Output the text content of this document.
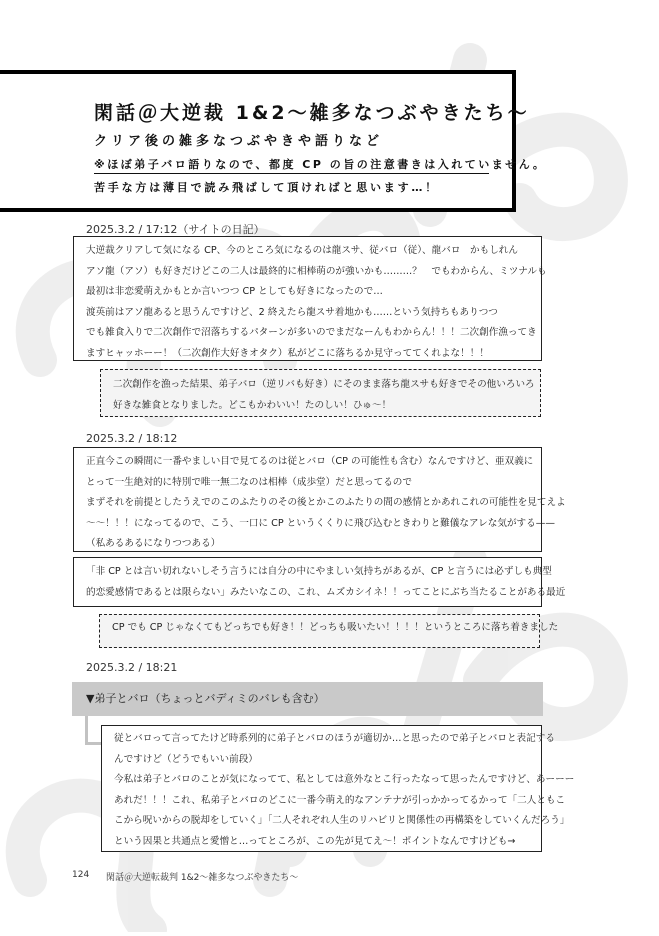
閑話＠大逆裁 1&2〜雑多なつぶやきたち〜
クリア後の雑多なつぶやきや語りなど
※ほぼ弟子バロ語りなので、都度 CP の旨の注意書きは入れていません。
苦手な方は薄目で読み飛ばして頂ければと思います…！
2025.3.2 / 17:12（サイトの日記）
大逆裁クリアして気になる CP、今のところ気になるのは龍スサ、従バロ（従）、龍バロ　かもしれん
アソ龍（アソ）も好きだけどこの二人は最終的に相棒萌のが強いかも………？　でもわからん、ミツナルも
最初は非恋愛萌えかもとか言いつつ CP としても好きになったので…
渡英前はアソ龍あると思うんですけど、2 終えたら龍スサ着地かも……という気持ちもありつつ
でも雑食入りで二次創作で沼落ちするパターンが多いのでまだなーんもわからん！！！二次創作漁ってき
ますヒャッホーー！（二次創作大好きオタク）私がどこに落ちるか見守っててくれよな！！！
二次創作を漁った結果、弟子バロ（逆リバも好き）にそのまま落ち龍スサも好きでその他いろいろ
好きな雑食となりました。どこもかわいい！たのしい！ひゅ〜！
2025.3.2 / 18:12
正直今この瞬間に一番やましい目で見てるのは従とバロ（CP の可能性も含む）なんですけど、亜双義に
とって一生絶対的に特別で唯一無二なのは相棒（成歩堂）だと思ってるので
まずそれを前提としたうえでのこのふたりのその後とかこのふたりの間の感情とかあれこれの可能性を見てえよ
〜〜！！！になってるので、こう、一口に CP というくくりに飛び込むときわりと難儀なアレな気がする——
（私あるあるになりつつある）
「非 CP とは言い切れないしそう言うには自分の中にやましい気持ちがあるが、CP と言うには必ずしも典型
的恋愛感情であるとは限らない」みたいなこの、これ、ムズカシイネ！！ってことにぶち当たることがある最近
CP でも CP じゃなくてもどっちでも好き！！どっちも吸いたい！！！！というところに落ち着きました
2025.3.2 / 18:21
▼弟子とバロ（ちょっとバディミのバレも含む）
従とバロって言ってたけど時系列的に弟子とバロのほうが適切か…と思ったので弟子とバロと表記する
んですけど（どうでもいい前段）
今私は弟子とバロのことが気になってて、私としては意外なとこ行ったなって思ったんですけど、あーーー
あれだ！！！これ、私弟子とバロのどこに一番今萌え的なアンテナが引っかかってるかって「二人ともこ
こから呪いからの脱却をしていく」「二人それぞれ人生のリハビリと関係性の再構築をしていくんだろう」
という因果と共通点と愛憎と…ってところが、この先が見てえ〜！ポイントなんですけども→
124 閑話＠大逆転裁判 1&2〜雑多なつぶやきたち〜
